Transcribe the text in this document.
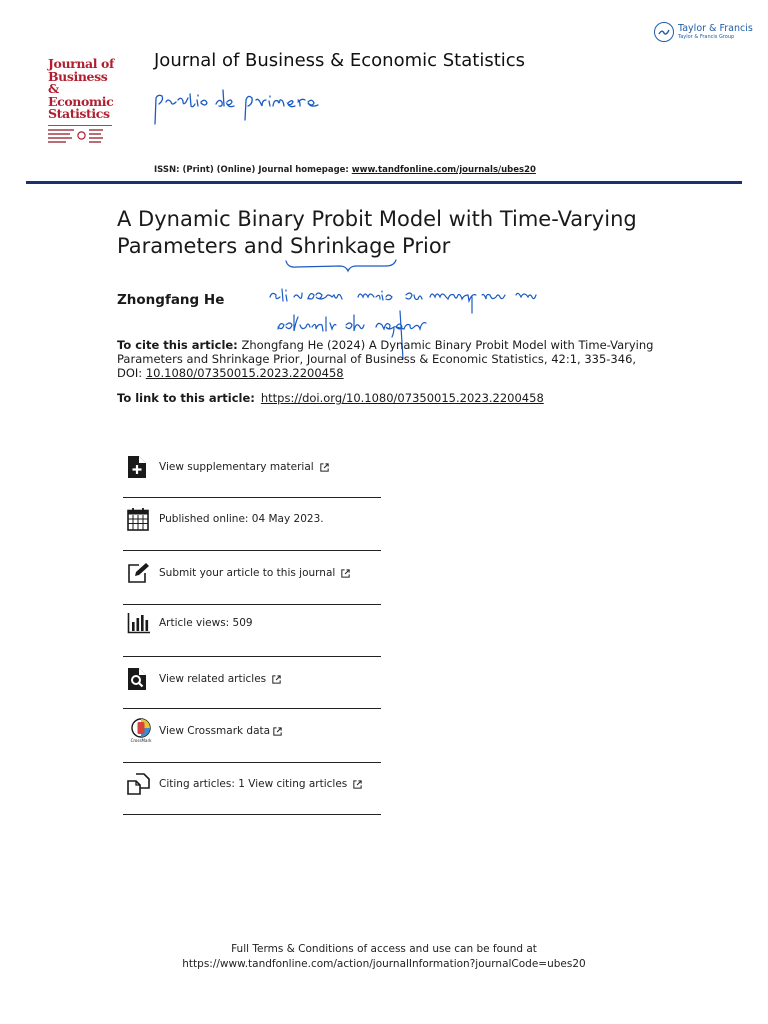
Taylor & Francis
Taylor & Francis Group
Journal of
Business &
Economic
Statistics
Journal of Business & Economic Statistics
ISSN: (Print) (Online) Journal homepage: www.tandfonline.com/journals/ubes20
A Dynamic Binary Probit Model with Time-Varying Parameters and Shrinkage Prior
Zhongfang He
To cite this article: Zhongfang He (2024) A Dynamic Binary Probit Model with Time-Varying Parameters and Shrinkage Prior, Journal of Business & Economic Statistics, 42:1, 335-346, DOI: 10.1080/07350015.2023.2200458
To link to this article: https://doi.org/10.1080/07350015.2023.2200458
View supplementary material
Published online: 04 May 2023.
Submit your article to this journal
Article views: 509
View related articles
CrossMark
View Crossmark data
Citing articles: 1 View citing articles
Full Terms & Conditions of access and use can be found at
https://www.tandfonline.com/action/journalInformation?journalCode=ubes20
